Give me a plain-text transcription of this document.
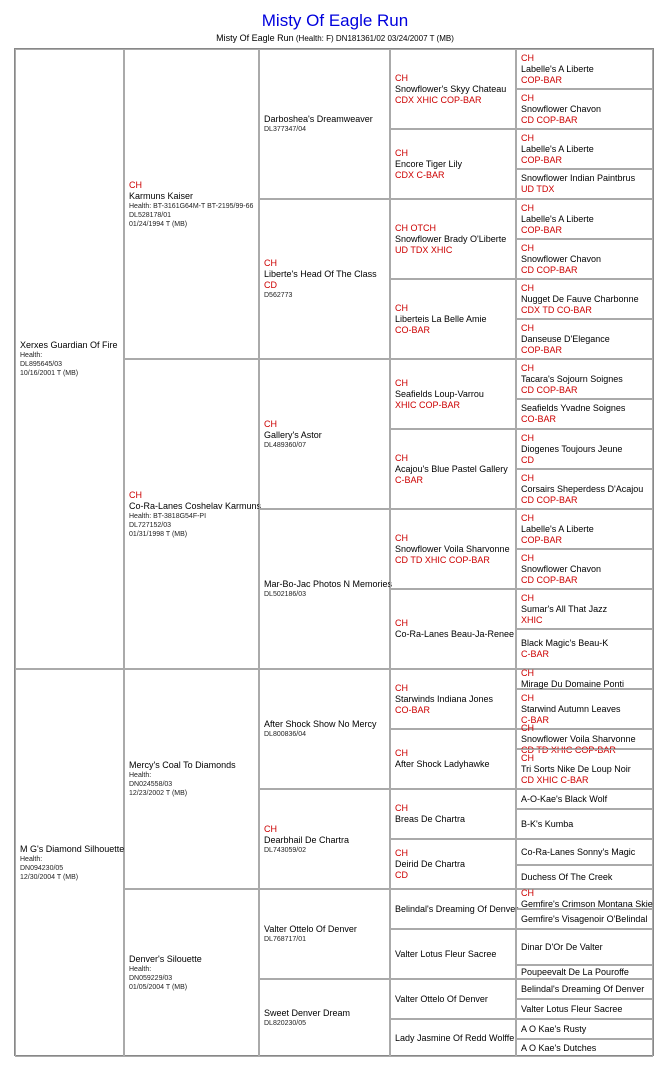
Misty Of Eagle Run
Misty Of Eagle Run (Health: F) DN181361/02 03/24/2007 T (MB)
Xerxes Guardian Of Fire
Health:
DL895645/03
10/16/2001 T (MB)
M G's Diamond Silhouette
Health:
DN094230/05
12/30/2004 T (MB)
CH
Karmuns Kaiser
Health: BT-3161G64M-T BT-2195/99-66
DL528178/01
01/24/1994 T (MB)
CH
Co-Ra-Lanes Coshelav Karmuns
Health: BT-3818G54F-PI
DL727152/03
01/31/1998 T (MB)
Mercy's Coal To Diamonds
Health:
DN024558/03
12/23/2002 T (MB)
Denver's Silouette
Health:
DN059229/03
01/05/2004 T (MB)
Darboshea's Dreamweaver
DL377347/04
CH
Liberte's Head Of The Class
CD
D562773
CH
Gallery's Astor
DL489360/07
Mar-Bo-Jac Photos N Memories
DL502186/03
After Shock Show No Mercy
DL800836/04
CH
Dearbhail De Chartra
DL743059/02
Valter Ottelo Of Denver
DL768717/01
Sweet Denver Dream
DL820230/05
CH
Snowflower's Skyy Chateau
CDX XHIC COP-BAR
CH
Encore Tiger Lily
CDX C-BAR
CH OTCH
Snowflower Brady O'Liberte
UD TDX XHIC
CH
Liberteis La Belle Amie
CO-BAR
CH
Seafields Loup-Varrou
XHIC COP-BAR
CH
Acajou's Blue Pastel Gallery
C-BAR
CH
Snowflower Voila Sharvonne
CD TD XHIC COP-BAR
CH
Co-Ra-Lanes Beau-Ja-Renee
CH
Starwinds Indiana Jones
CO-BAR
CH
After Shock Ladyhawke
CH
Breas De Chartra
CH
Deirid De Chartra
CD
Belindal's Dreaming Of Denver
Valter Lotus Fleur Sacree
Valter Ottelo Of Denver
Lady Jasmine Of Redd Wolffe
CH
Labelle's A Liberte
COP-BAR
CH
Snowflower Chavon
CD COP-BAR
CH
Labelle's A Liberte
COP-BAR
Snowflower Indian Paintbrus
UD TDX
CH
Labelle's A Liberte
COP-BAR
CH
Snowflower Chavon
CD COP-BAR
CH
Nugget De Fauve Charbonne
CDX TD CO-BAR
CH
Danseuse D'Elegance
COP-BAR
CH
Tacara's Sojourn Soignes
CD COP-BAR
Seafields Yvadne Soignes
CO-BAR
CH
Diogenes Toujours Jeune
CD
CH
Corsairs Sheperdess D'Acajou
CD COP-BAR
CH
Labelle's A Liberte
COP-BAR
CH
Snowflower Chavon
CD COP-BAR
CH
Sumar's All That Jazz
XHIC
Black Magic's Beau-K
C-BAR
CH
Mirage Du Domaine Ponti
CH
Starwind Autumn Leaves
C-BAR
CH
Snowflower Voila Sharvonne
CD TD XHIC COP-BAR
CH
Tri Sorts Nike De Loup Noir
CD XHIC C-BAR
A-O-Kae's Black Wolf
B-K's Kumba
Co-Ra-Lanes Sonny's Magic
Duchess Of The Creek
CH
Gemfire's Crimson Montana Skie
Gemfire's Visagenoir O'Belindal
Dinar D'Or De Valter
Poupeevalt De La Pouroffe
Belindal's Dreaming Of Denver
Valter Lotus Fleur Sacree
A O Kae's Rusty
A O Kae's Dutches
